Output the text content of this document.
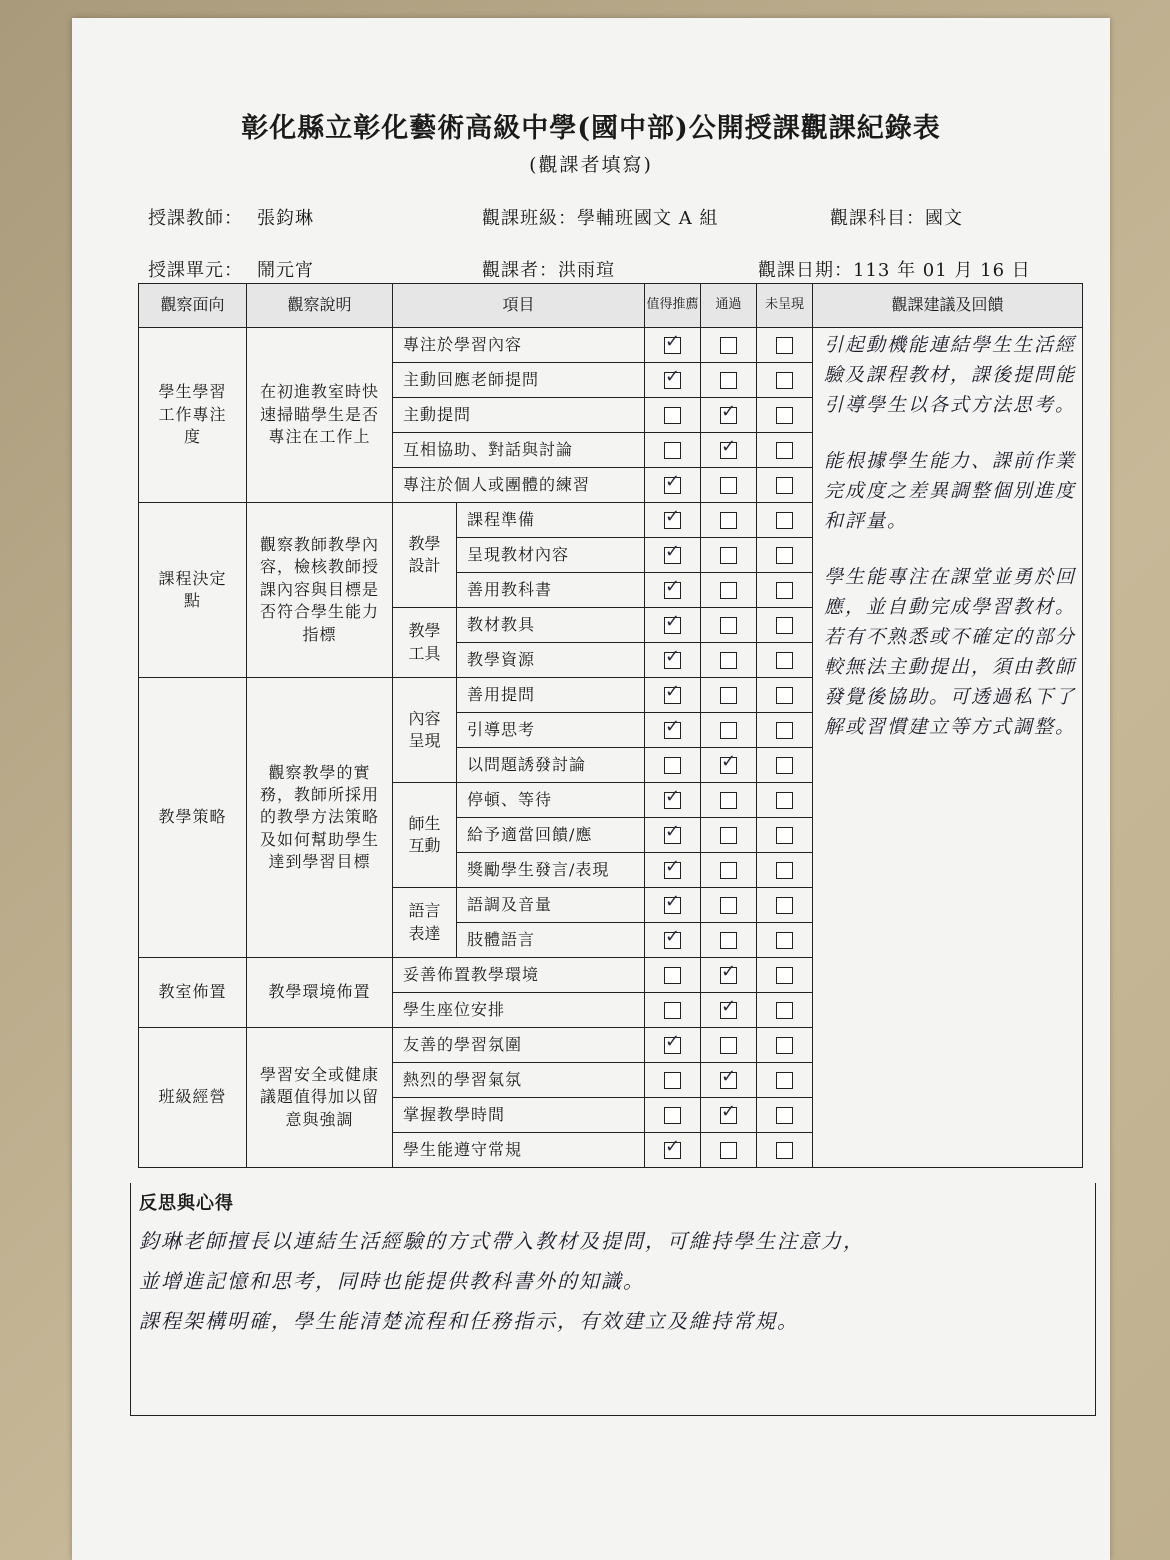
彰化縣立彰化藝術高級中學(國中部)公開授課觀課紀錄表
(觀課者填寫)
授課教師： 張鈞琳	觀課班級：學輔班國文 A 組	觀課科目：國文
授課單元： 鬧元宵	觀課者：洪雨瑄	觀課日期：113 年 01 月 16 日
觀察面向	觀察說明	項目		值得推薦	通過	未呈現	觀課建議及回饋
學生學習工作專注度	在初進教室時快速掃瞄學生是否專注在工作上	專注於學習內容	✓			
		主動回應老師提問	✓		
		主動提問		✓	
		互相協助、對話與討論		✓	
		專注於個人或團體的練習	✓		
課程決定點	觀察教師教學內容，檢核教師授課內容與目標是否符合學生能力指標	教學設計	課程準備	✓		
			呈現教材內容	✓		
			善用教科書	✓		
		教學工具	教材教具	✓		
			教學資源	✓		
教學策略	觀察教學的實務，教師所採用的教學方法策略及如何幫助學生達到學習目標	內容呈現	善用提問	✓		
			引導思考	✓		
			以問題誘發討論		✓	
		師生互動	停頓、等待	✓		
			給予適當回饋/應	✓		
			獎勵學生發言/表現	✓		
		語言表達	語調及音量	✓		
			肢體語言	✓		
教室佈置	教學環境佈置	妥善佈置教學環境		✓	
		學生座位安排		✓	
班級經營	學習安全或健康議題值得加以留意與強調	友善的學習氛圍	✓		
		熱烈的學習氣氛		✓	
		掌握教學時間		✓	
		學生能遵守常規	✓		

引起動機能連結學生生活經驗及課程教材，課後提問能引導學生以各式方法思考。

能根據學生能力、課前作業完成度之差異調整個別進度和評量。

學生能專注在課堂並勇於回應，並自動完成學習教材。若有不熟悉或不確定的部分較無法主動提出，須由教師發覺後協助。可透過私下了解或習慣建立等方式調整。

反思與心得
鈞琳老師擅長以連結生活經驗的方式帶入教材及提問，可維持學生注意力，
並增進記憶和思考，同時也能提供教科書外的知識。
課程架構明確，學生能清楚流程和任務指示，有效建立及維持常規。
